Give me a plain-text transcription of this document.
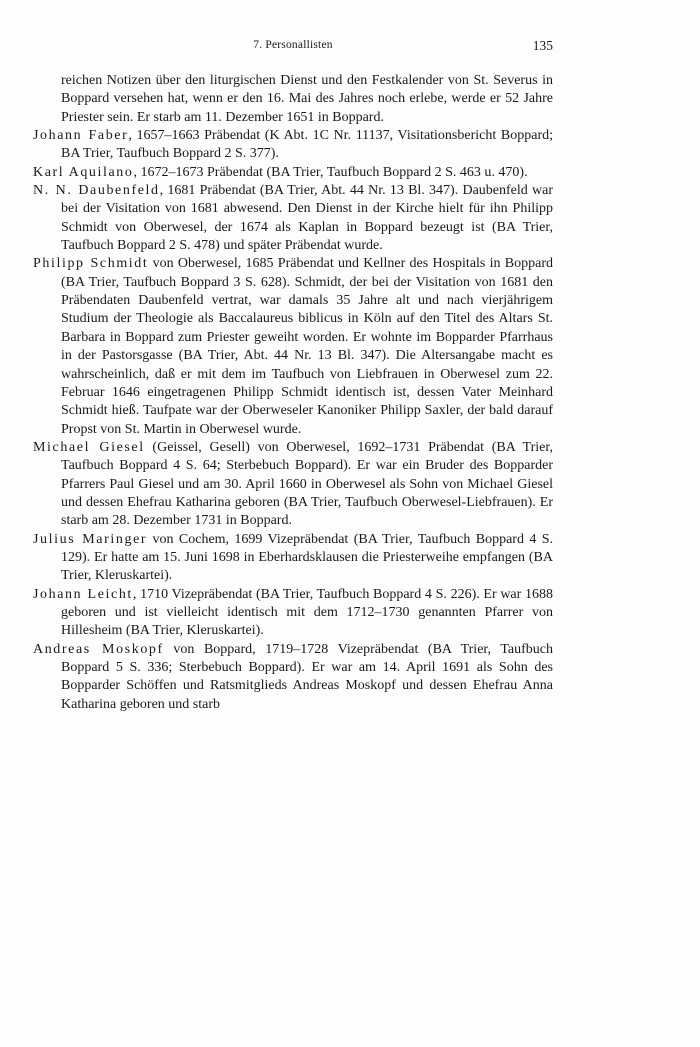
7. Personallisten	135

reichen Notizen über den liturgischen Dienst und den Festkalender von St. Severus in Boppard versehen hat, wenn er den 16. Mai des Jahres noch erlebe, werde er 52 Jahre Priester sein. Er starb am 11. Dezember 1651 in Boppard.

Johann Faber, 1657–1663 Präbendat (K Abt. 1C Nr. 11137, Visitationsbericht Boppard; BA Trier, Taufbuch Boppard 2 S. 377).

Karl Aquilano, 1672–1673 Präbendat (BA Trier, Taufbuch Boppard 2 S. 463 u. 470).

N. N. Daubenfeld, 1681 Präbendat (BA Trier, Abt. 44 Nr. 13 Bl. 347). Daubenfeld war bei der Visitation von 1681 abwesend. Den Dienst in der Kirche hielt für ihn Philipp Schmidt von Oberwesel, der 1674 als Kaplan in Boppard bezeugt ist (BA Trier, Taufbuch Boppard 2 S. 478) und später Präbendat wurde.

Philipp Schmidt von Oberwesel, 1685 Präbendat und Kellner des Hospitals in Boppard (BA Trier, Taufbuch Boppard 3 S. 628). Schmidt, der bei der Visitation von 1681 den Präbendaten Daubenfeld vertrat, war damals 35 Jahre alt und nach vierjährigem Studium der Theologie als Baccalaureus biblicus in Köln auf den Titel des Altars St. Barbara in Boppard zum Priester geweiht worden. Er wohnte im Bopparder Pfarrhaus in der Pastorsgasse (BA Trier, Abt. 44 Nr. 13 Bl. 347). Die Altersangabe macht es wahrscheinlich, daß er mit dem im Taufbuch von Liebfrauen in Oberwesel zum 22. Februar 1646 eingetragenen Philipp Schmidt identisch ist, dessen Vater Meinhard Schmidt hieß. Taufpate war der Oberweseler Kanoniker Philipp Saxler, der bald darauf Propst von St. Martin in Oberwesel wurde.

Michael Giesel (Geissel, Gesell) von Oberwesel, 1692–1731 Präbendat (BA Trier, Taufbuch Boppard 4 S. 64; Sterbebuch Boppard). Er war ein Bruder des Bopparder Pfarrers Paul Giesel und am 30. April 1660 in Oberwesel als Sohn von Michael Giesel und dessen Ehefrau Katharina geboren (BA Trier, Taufbuch Oberwesel-Liebfrauen). Er starb am 28. Dezember 1731 in Boppard.

Julius Maringer von Cochem, 1699 Vizepräbendat (BA Trier, Taufbuch Boppard 4 S. 129). Er hatte am 15. Juni 1698 in Eberhardsklausen die Priesterweihe empfangen (BA Trier, Kleruskartei).

Johann Leicht, 1710 Vizepräbendat (BA Trier, Taufbuch Boppard 4 S. 226). Er war 1688 geboren und ist vielleicht identisch mit dem 1712–1730 genannten Pfarrer von Hillesheim (BA Trier, Kleruskartei).

Andreas Moskopf von Boppard, 1719–1728 Vizepräbendat (BA Trier, Taufbuch Boppard 5 S. 336; Sterbebuch Boppard). Er war am 14. April 1691 als Sohn des Bopparder Schöffen und Ratsmitglieds Andreas Moskopf und dessen Ehefrau Anna Katharina geboren und starb
